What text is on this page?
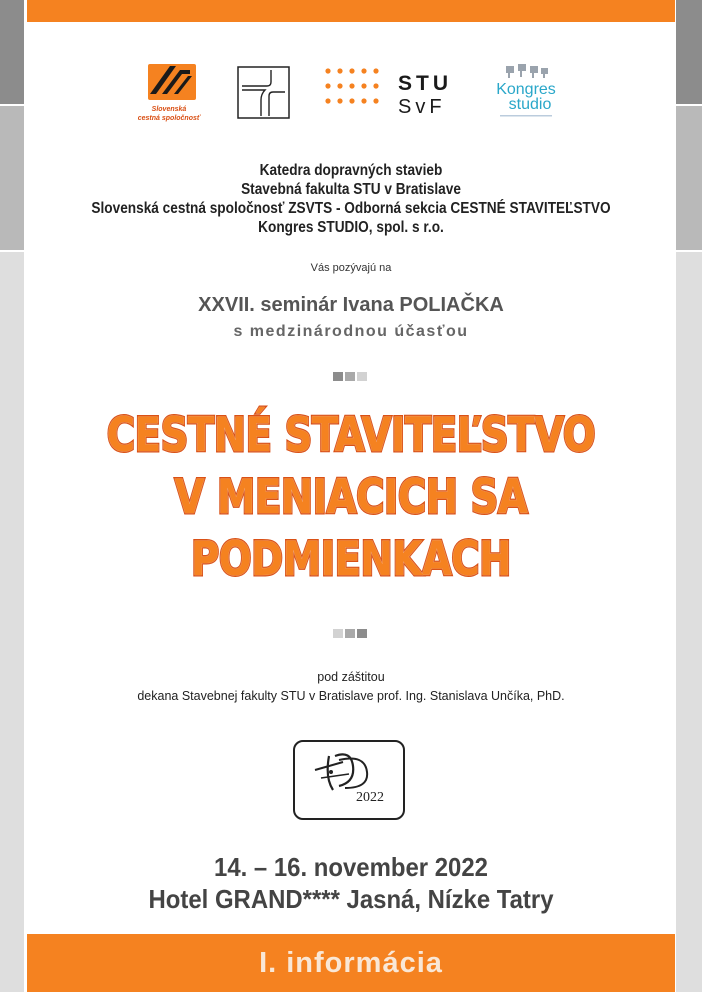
Slovenská
cestná spoločnosť
STU
SvF
Kongres
studio
Katedra dopravných stavieb
Stavebná fakulta STU v Bratislave
Slovenská cestná spoločnosť ZSVTS - Odborná sekcia CESTNÉ STAVITEĽSTVO
Kongres STUDIO, spol. s r.o.
Vás pozývajú na
XXVII. seminár Ivana POLIAČKA
s medzinárodnou účasťou
CESTNÉ STAVITEĽSTVO
V MENIACICH SA
PODMIENKACH
pod záštitou
dekana Stavebnej fakulty STU v Bratislave prof. Ing. Stanislava Unčíka, PhD.
2022
14. – 16. november 2022
Hotel GRAND**** Jasná, Nízke Tatry
I. informácia
